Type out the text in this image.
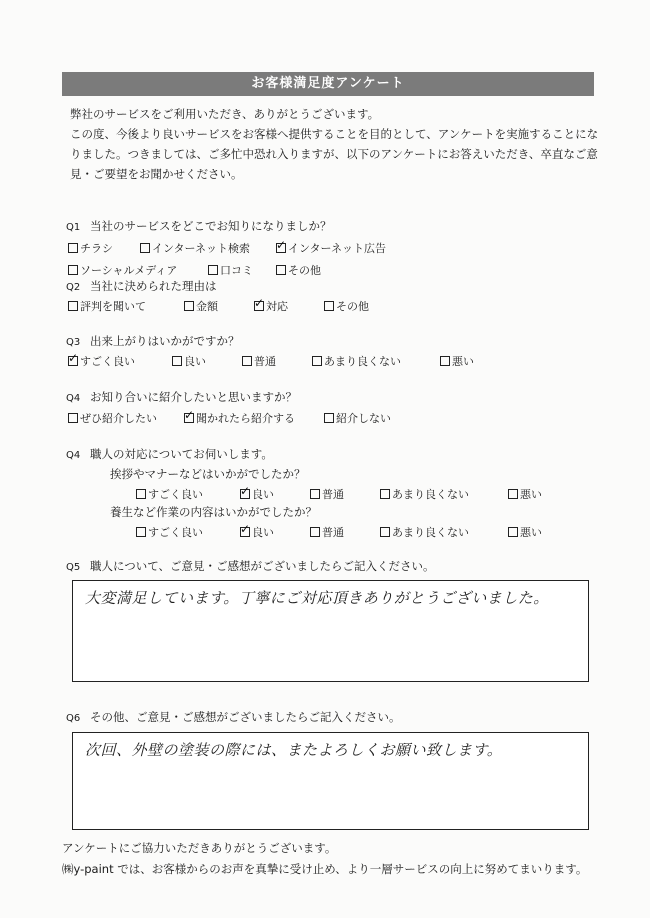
お客様満足度アンケート

弊社のサービスをご利用いただき、ありがとうございます。

この度、今後より良いサービスをお客様へ提供することを目的として、アンケートを実施することにな

りました。つきましては、ご多忙中恐れ入りますが、以下のアンケートにお答えいただき、卒直なご意

見・ご要望をお聞かせください。

Q1 当社のサービスをどこでお知りになりましか？
チラシ	インターネット検索 ✓	インターネット広告
ソーシャルメディア	口コミ	その他
Q2 当社に決められた理由は
評判を聞いて	金額 ✓	対応	その他
Q3 出来上がりはいかがですか？
✓すごく良い	良い	普通	あまり良くない	悪い
Q4 お知り合いに紹介したいと思いますか？
ぜひ紹介したい ✓	聞かれたら紹介する	紹介しない
Q4 職人の対応についてお伺いします。
挨拶やマナーなどはいかがでしたか？
すごく良い ✓	良い	普通	あまり良くない	悪い
養生など作業の内容はいかがでしたか？
すごく良い ✓	良い	普通	あまり良くない	悪い
Q5 職人について、ご意見・ご感想がございましたらご記入ください。
大変満足しています。丁寧にご対応頂きありがとうございました。
Q6 その他、ご意見・ご感想がございましたらご記入ください。
次回、外壁の塗装の際には、またよろしくお願い致します。
アンケートにご協力いただきありがとうございます。
㈱y-paint では、お客様からのお声を真摯に受け止め、より一層サービスの向上に努めてまいります。
